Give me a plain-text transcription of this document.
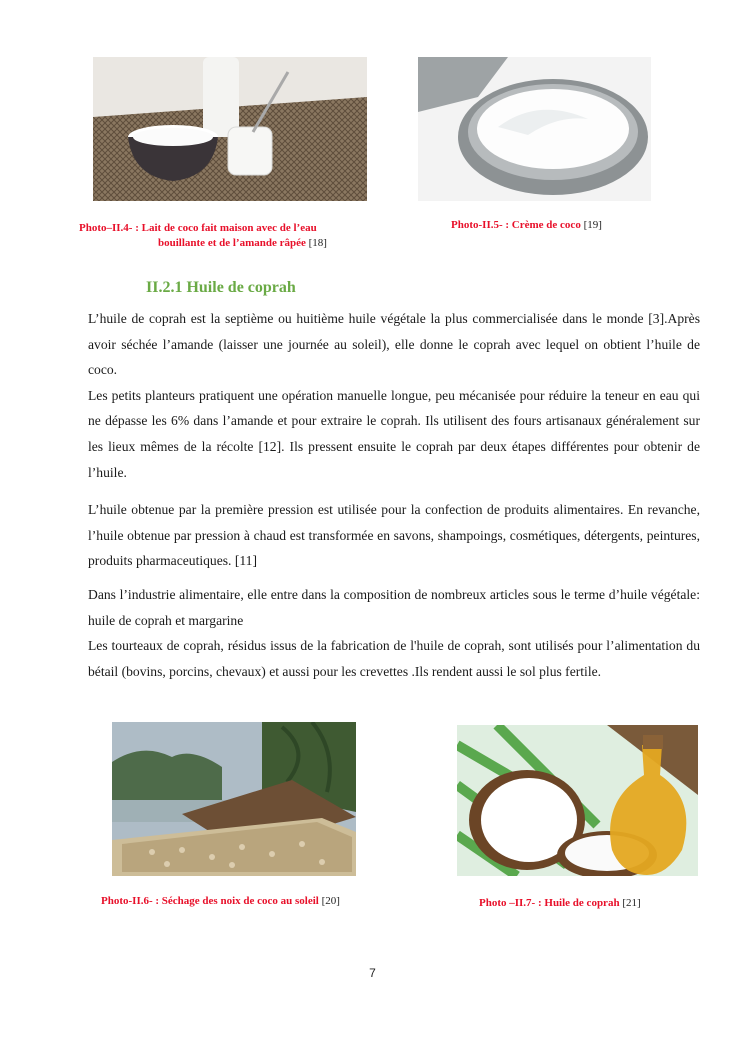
Photo–II.4- : Lait de coco fait maison avec de l’eau
bouillante et de l’amande râpée [18]
Photo-II.5- : Crème de coco [19]
II.2.1 Huile de coprah

L’huile de coprah est la septième ou huitième huile végétale la plus commercialisée dans le monde [3].Après avoir séchée l’amande (laisser une journée au soleil), elle donne le coprah avec lequel on obtient l’huile de coco.

Les petits planteurs pratiquent une opération manuelle longue, peu mécanisée pour réduire la teneur en eau qui ne dépasse les 6% dans l’amande et pour extraire le coprah. Ils utilisent des fours artisanaux généralement sur les lieux mêmes de la récolte [12]. Ils pressent ensuite le coprah par deux étapes différentes pour obtenir de l’huile.

L’huile obtenue par la première pression est utilisée pour la confection de produits alimentaires. En revanche, l’huile obtenue par pression à chaud est transformée en savons, shampoings, cosmétiques, détergents, peintures, produits pharmaceutiques. [11]

Dans l’industrie alimentaire, elle entre dans la composition de nombreux articles sous le terme d’huile végétale: huile de coprah et margarine

Les tourteaux de coprah, résidus issus de la fabrication de l'huile de coprah, sont utilisés pour l’alimentation du bétail (bovins, porcins, chevaux) et aussi pour les crevettes .Ils rendent aussi le sol plus fertile.

Photo-II.6- : Séchage des noix de coco au soleil [20]	Photo –II.7- : Huile de coprah [21]
7
